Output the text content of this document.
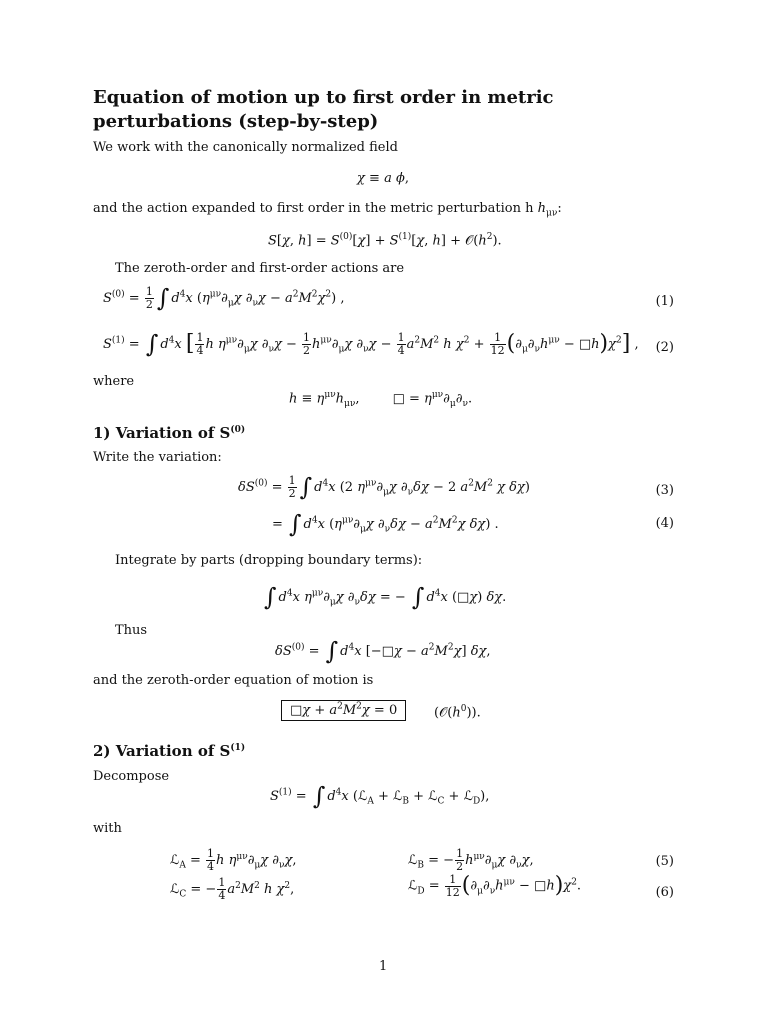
Equation of motion up to first order in metric perturbations (step-by-step)
We work with the canonically normalized field
χ ≡ a ϕ,
and the action expanded to first order in the metric perturbation h $h_{\mu\nu}$:
S[χ, $h] = S^{(0)}[\chi] + S^{(1)}[\chi$, $h] + 𝒪(h^2)$.
The zeroth-order and first-order actions are
$S^{(0)} = \frac{1}{2}$ ∫ $d^4x$ ($\eta^{\mu\nu}\partial_\mu\chi$ $\partial_\nu\chi - a^2M^2\chi^2$) ,	(1)
$S^{(1)}$ = ∫ $d^4x$ [ $\frac{1}{4}$ h $\eta^{\mu\nu}\partial_\mu\chi$ $\partial_\nu\chi - \frac{1}{2} h^{\mu\nu}\partial_\mu\chi$ $\partial_\nu\chi - \frac{1}{4} a^2M^2$ h $\chi^2 + \frac{1}{12} (\partial_\mu\partial_\nu h^{\mu\nu}$ − $□h)\chi^2$] , (2)
where
$h \equiv \eta^{\mu\nu}h_{\mu\nu}$,        □ = $\eta^{\mu\nu}\partial_\mu\partial_\nu$.
1) Variation of $S^{(0)}$
Write the variation:
$\delta S^{(0)} = \frac{1}{2}$ ∫ $d^4x$ (2 $\eta^{\mu\nu}\partial_\mu\chi$ $\partial_\nu\delta\chi - 2$ $a^2M^2$ χ δχ)	(3)
= ∫ $d^4x$ ($\eta^{\mu\nu}\partial_\mu\chi$ $\partial_\nu\delta\chi - a^2M^2\chi$ δχ) .	(4)
Integrate by parts (dropping boundary terms):
∫ $d^4x$ $\eta^{\mu\nu}\partial_\mu\chi$ $\partial_\nu\delta\chi$ = − ∫ $d^4x$ (□χ) δχ.
Thus
$\delta S^{(0)}$ = ∫ $d^4x$ [−□χ − $a^2M^2\chi$] δχ,
and the zeroth-order equation of motion is
□χ + $a^2M^2\chi = 0$	$(𝒪(h^0))$.
2) Variation of $S^{(1)}$
Decompose
$S^{(1)}$ = ∫ $d^4x$ (ℒ$_A$ + ℒ$_B$ + ℒ$_C$ + ℒ$_D$),
with
ℒ$_A$ = $\frac{1}{4}$ h $\eta^{\mu\nu}\partial_\mu\chi$ $\partial_\nu\chi$,	ℒ$_B$ = − $\frac{1}{2} h^{\mu\nu}\partial_\mu\chi$ $\partial_\nu\chi$,	(5)
ℒ$_C$ = − $\frac{1}{4} a^2M^2$ h $\chi^2$,	ℒ$_D$ = $\frac{1}{12} (\partial_\mu\partial_\nu h^{\mu\nu}$ − $□h)\chi^2$.	(6)
1
